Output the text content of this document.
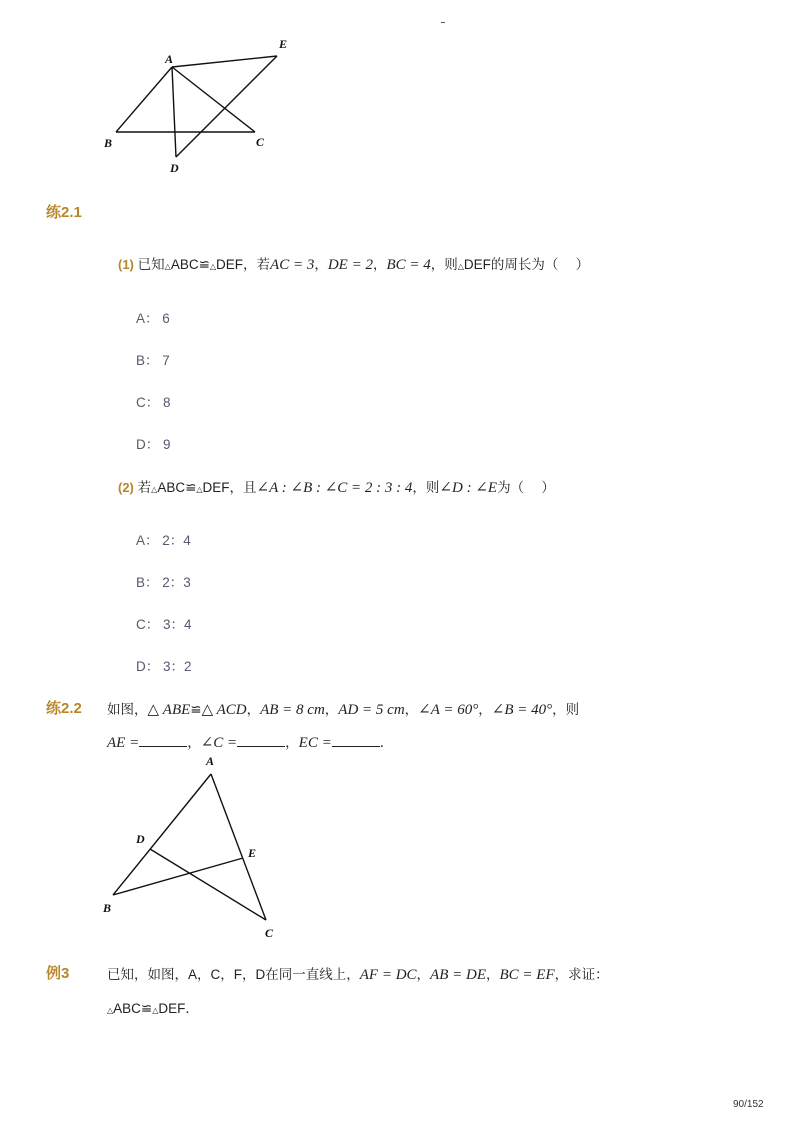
A
B	C
D
E
练2.1
(1) 已知△ABC≌△DEF，若AC = 3，DE = 2，BC = 4，则△DEF的周长为（　 ）
A： 6
B： 7
C： 8
D： 9
(2) 若△ABC≌△DEF，且∠A : ∠B : ∠C = 2 : 3 : 4，则∠D : ∠E为（　 ）
A： 2：4
B： 2：3
C： 3：4
D： 3：2
练2.2 如图，△ ABE≌△ ACD，AB = 8 cm，AD = 5 cm，∠A = 60°，∠B = 40°，则
AE =	，∠C =	，EC =	．
A
B
C
D
E
例3	已知，如图，A，C，F，D在同一直线上，AF = DC，AB = DE，BC = EF，求证：
△ABC≌△DEF．
90/152
